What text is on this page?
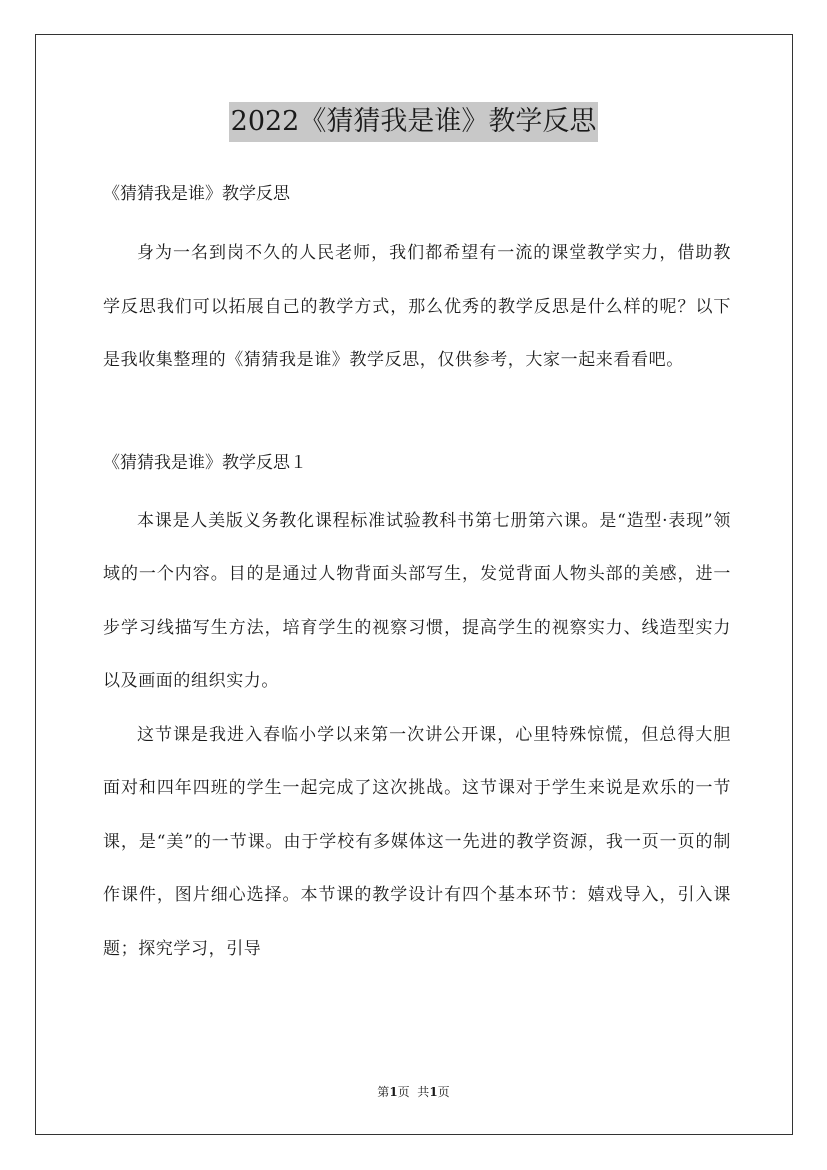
2022《猜猜我是谁》教学反思
《猜猜我是谁》教学反思

身为一名到岗不久的人民老师，我们都希望有一流的课堂教学实力，借助教学反思我们可以拓展自己的教学方式，那么优秀的教学反思是什么样的呢？以下是我收集整理的《猜猜我是谁》教学反思，仅供参考，大家一起来看看吧。

《猜猜我是谁》教学反思１

本课是人美版义务教化课程标准试验教科书第七册第六课。是“造型·表现”领域的一个内容。目的是通过人物背面头部写生，发觉背面人物头部的美感，进一步学习线描写生方法，培育学生的视察习惯，提高学生的视察实力、线造型实力以及画面的组织实力。

这节课是我进入春临小学以来第一次讲公开课，心里特殊惊慌，但总得大胆面对和四年四班的学生一起完成了这次挑战。这节课对于学生来说是欢乐的一节课，是“美”的一节课。由于学校有多媒体这一先进的教学资源，我一页一页的制作课件，图片细心选择。本节课的教学设计有四个基本环节：嬉戏导入，引入课题；探究学习，引导

第1页  共1页
